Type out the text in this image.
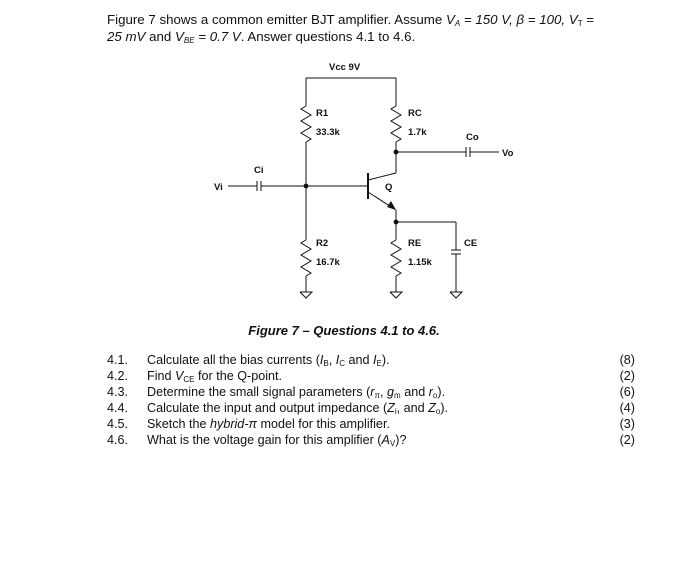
Figure 7 shows a common emitter BJT amplifier. Assume $V_A = 150$ V, β = 100, $V_T$ =
25 mV and $V_{BE} = 0.7$ V. Answer questions 4.1 to 4.6.
Vcc 9V
R1
33.3k
RC
1.7k	Co
Vo
Ci
Vi	Q
R2
16.7k
RE
1.15k
CE
Figure 7 – Questions 4.1 to 4.6.
4.1. Calculate all the bias currents ($I_B$, $I_C$ and $I_E$).	(8)
4.2. Find $V_{CE}$ for the Q-point.	(2)
4.3. Determine the small signal parameters ($r_\pi$, $g_m$ and $r_o$).	(6)
4.4. Calculate the input and output impedance ($Z_i$, and $Z_o$).	(4)
4.5. Sketch the hybrid-π model for this amplifier.	(3)
4.6. What is the voltage gain for this amplifier $(A_V)$?	(2)
